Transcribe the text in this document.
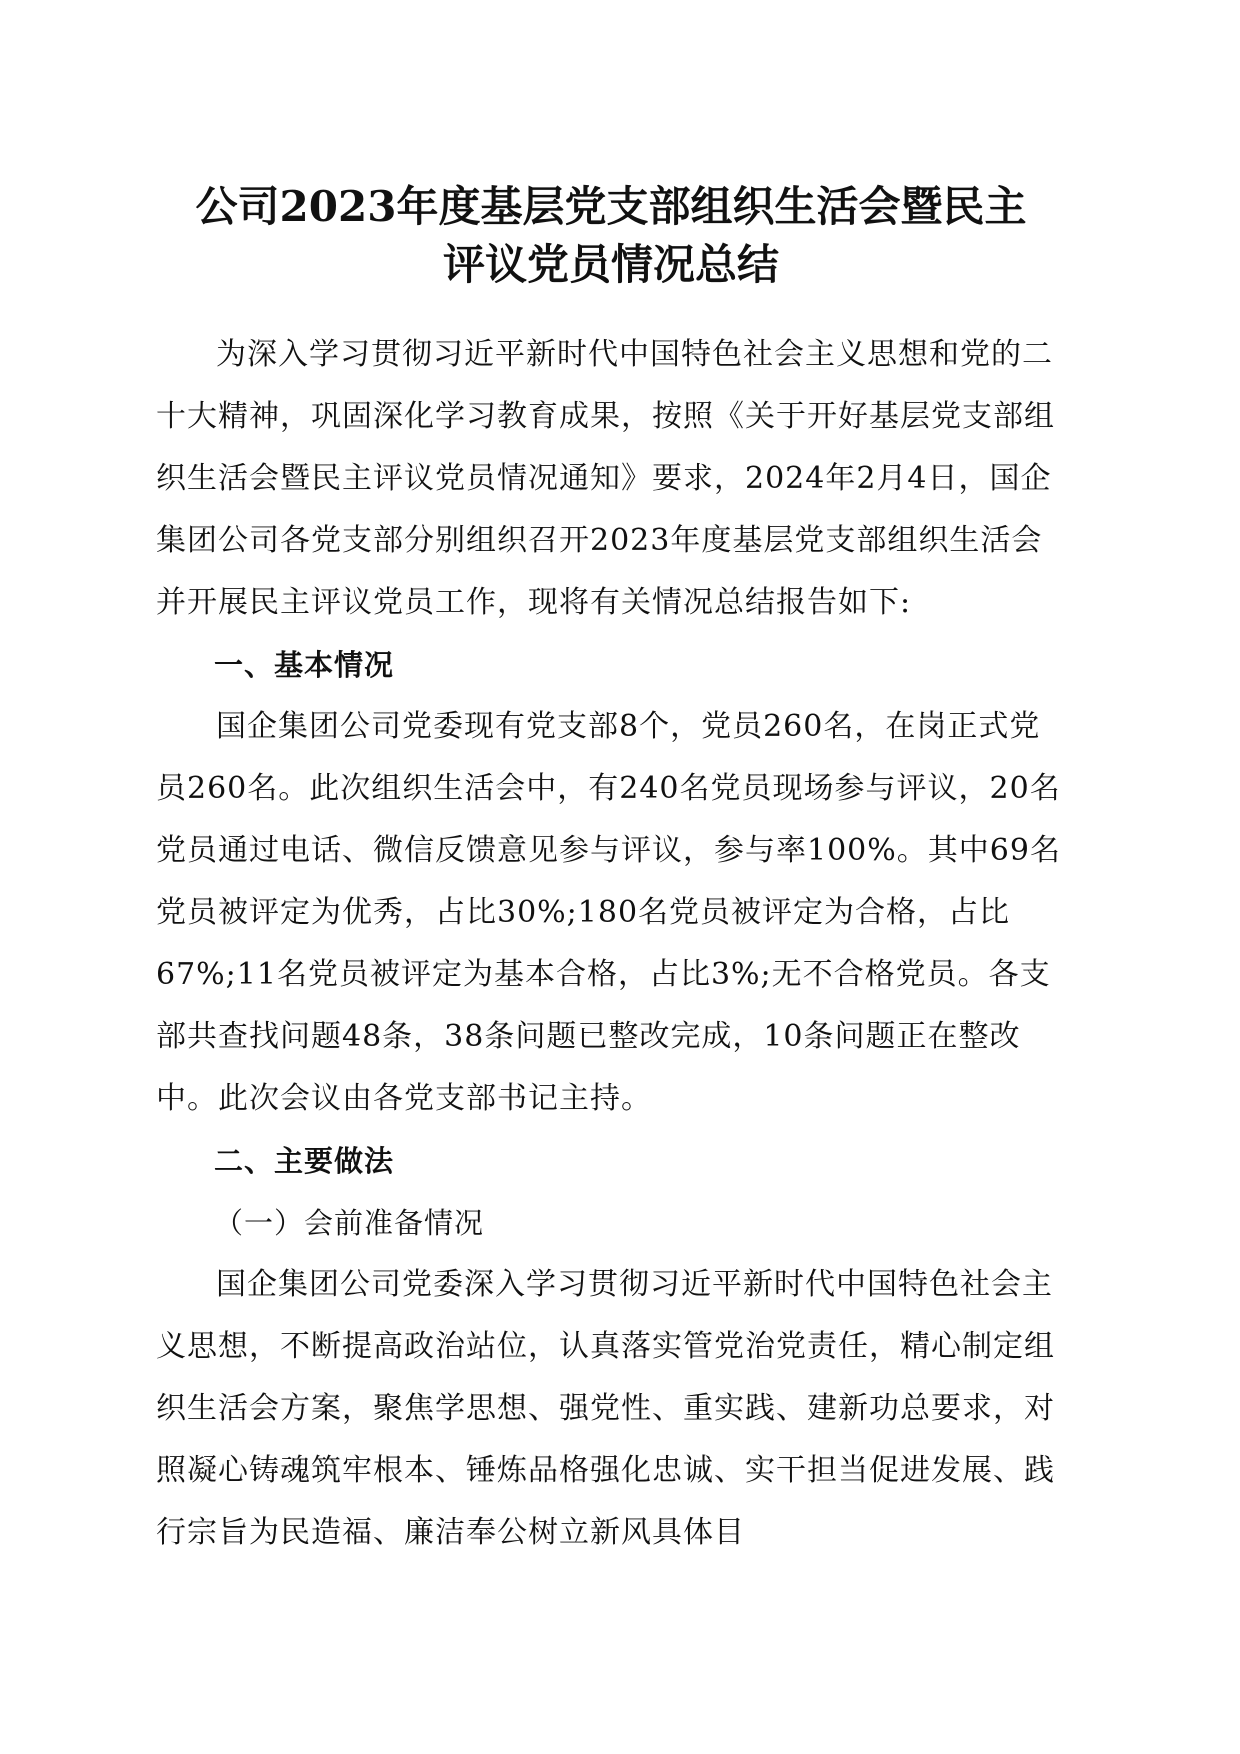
公司2023年度基层党支部组织生活会暨民主
评议党员情况总结

为深入学习贯彻习近平新时代中国特色社会主义思想和党的二十大精神，巩固深化学习教育成果，按照《关于开好基层党支部组织生活会暨民主评议党员情况通知》要求，2024年2月4日，国企集团公司各党支部分别组织召开2023年度基层党支部组织生活会并开展民主评议党员工作，现将有关情况总结报告如下:

一、基本情况

国企集团公司党委现有党支部8个，党员260名，在岗正式党员260名。此次组织生活会中，有240名党员现场参与评议，20名党员通过电话、微信反馈意见参与评议，参与率100%。其中69名党员被评定为优秀，占比30%;180名党员被评定为合格，占比67%;11名党员被评定为基本合格，占比3%;无不合格党员。各支部共查找问题48条，38条问题已整改完成，10条问题正在整改中。此次会议由各党支部书记主持。

二、主要做法

（一）会前准备情况

国企集团公司党委深入学习贯彻习近平新时代中国特色社会主义思想，不断提高政治站位，认真落实管党治党责任，精心制定组织生活会方案，聚焦学思想、强党性、重实践、建新功总要求，对照凝心铸魂筑牢根本、锤炼品格强化忠诚、实干担当促进发展、践行宗旨为民造福、廉洁奉公树立新风具体目
